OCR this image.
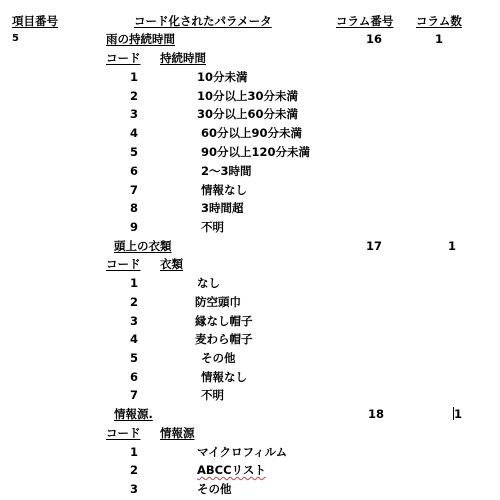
項目番号	コード化されたパラメータ	コラム番号 コラム数
5	雨の持続時間	16	1
コード 持続時間
1	10分未満
2	10分以上30分未満
3	30分以上60分未満
4	60分以上90分未満
5	90分以上120分未満
6	2～3時間
7	情報なし
8	3時間超
9	不明
頭上の衣類	17	1
コード 衣類
1	なし
2	防空頭巾
3	縁なし帽子
4	麦わら帽子
5	その他
6	情報なし
7	不明
情報源.	18	1
コード 情報源
1	マイクロフィルム
2	ABCCリスト
3	その他
